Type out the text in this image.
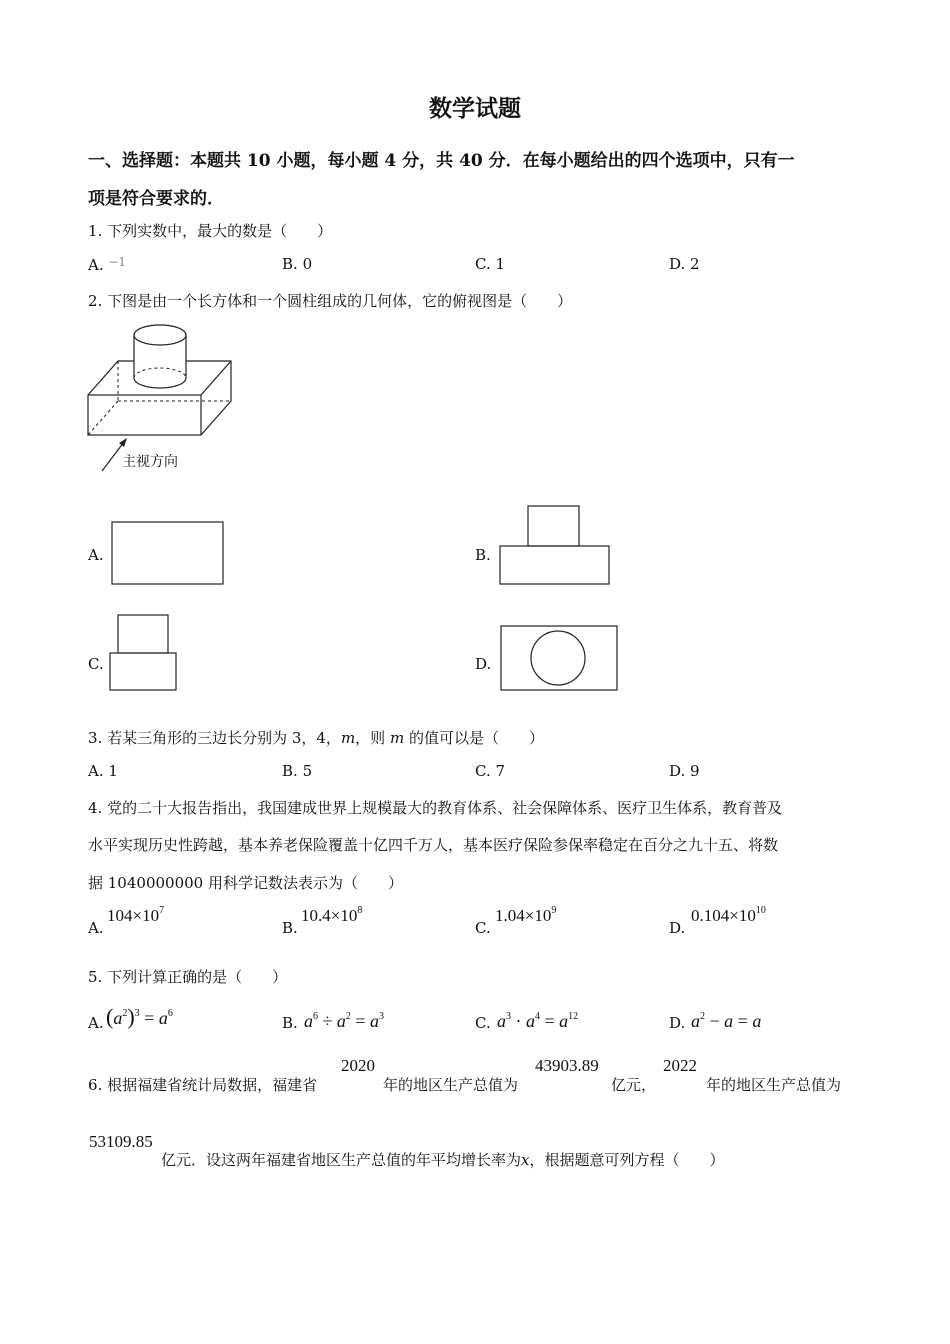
数学试题
一、选择题：本题共 10 小题，每小题 4 分，共 40 分．在每小题给出的四个选项中，只有一
项是符合要求的．
1. 下列实数中，最大的数是（　　）
A. $^{-1}$	B. 0	C. 1	D. 2
2. 下图是由一个长方体和一个圆柱组成的几何体，它的俯视图是（　　）
主视方向
A.	B.
C.	D.
3. 若某三角形的三边长分别为 3，4，m，则 m 的值可以是（　　）
A. 1	B. 5	C. 7	D. 9
4. 党的二十大报告指出，我国建成世界上规模最大的教育体系、社会保障体系、医疗卫生体系，教育普及
水平实现历史性跨越，基本养老保险覆盖十亿四千万人，基本医疗保险参保率稳定在百分之九十五、将数
据 1040000000 用科学记数法表示为（　　）
A.
$104\times 10^7$
B.
$10.4\times 10^8$
C.
$1.04\times 10^9$
D.
$0.104\times 10^{10}$
5. 下列计算正确的是（　　）
A. $(a^2)^3 = a^6$
B. $a^6 \div a^2 = a^3$	C. $a^3 \cdot a^4 = a^{12}$	D. $a^2 - a = a$
6. 根据福建省统计局数据，福建省
2020
年的地区生产总值为
43903.89
亿元，
2022
年的地区生产总值为
53109.85
亿元．设这两年福建省地区生产总值的年平均增长率为x，根据题意可列方程（　　）
